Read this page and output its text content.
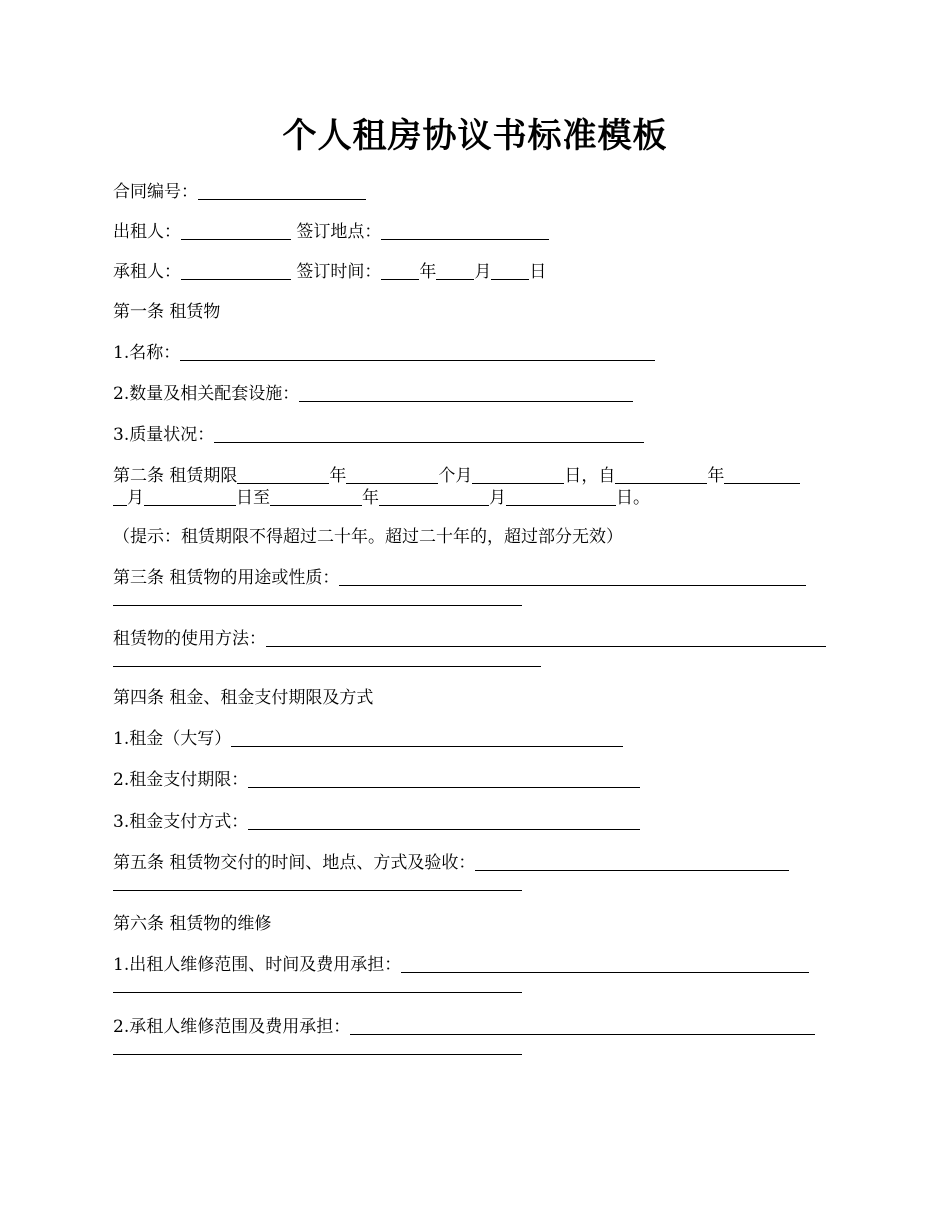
个人租房协议书标准模板

合同编号：

出租人：	签订地点：

承租人：	签订时间： 年 月 日

第一条 租赁物

1.名称：

2.数量及相关配套设施：

3.质量状况：

第二条 租赁期限	年	个月	日，自	年

月	日至	年	月	日。

（提示：租赁期限不得超过二十年。超过二十年的，超过部分无效）

第三条 租赁物的用途或性质：

租赁物的使用方法：

第四条 租金、租金支付期限及方式

1.租金（大写）

2.租金支付期限：

3.租金支付方式：

第五条 租赁物交付的时间、地点、方式及验收：

第六条 租赁物的维修

1.出租人维修范围、时间及费用承担：

2.承租人维修范围及费用承担：
